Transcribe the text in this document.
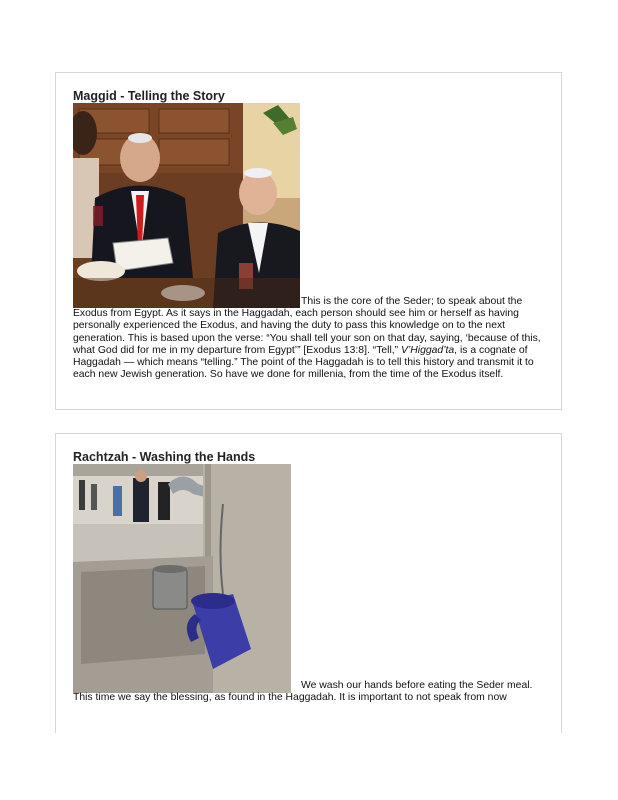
Maggid - Telling the Story

This is the core of the Seder; to speak about the Exodus from Egypt. As it says in the Haggadah, each person should see him or herself as having personally experienced the Exodus, and having the duty to pass this knowledge on to the next generation. This is based upon the verse: “You shall tell your son on that day, saying, ‘because of this, what God did for me in my departure from Egypt’” [Exodus 13:8]. “Tell,” V’Higgad’ta, is a cognate of Haggadah — which means “telling.” The point of the Haggadah is to tell this history and transmit it to each new Jewish generation. So have we done for millenia, from the time of the Exodus itself.

Rachtzah - Washing the Hands

We wash our hands before eating the Seder meal. This time we say the blessing, as found in the Haggadah. It is important to not speak from now
